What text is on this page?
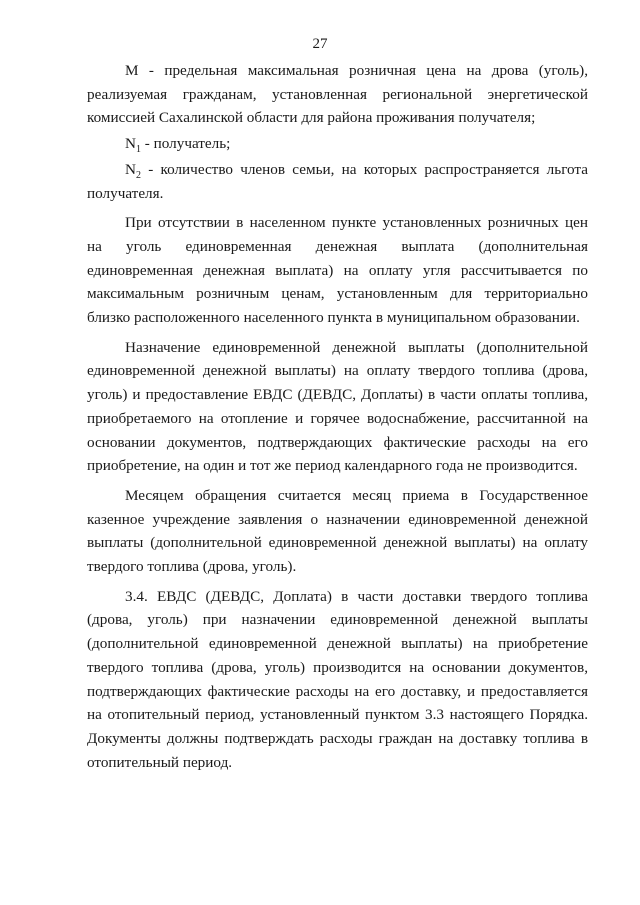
27

М - предельная максимальная розничная цена на дрова (уголь), реализуемая гражданам, установленная региональной энергетической комиссией Сахалинской области для района проживания получателя;

$N_1$ - получатель;

$N_2$ - количество членов семьи, на которых распространяется льгота получателя.

При отсутствии в населенном пункте установленных розничных цен на уголь единовременная денежная выплата (дополнительная единовременная денежная выплата) на оплату угля рассчитывается по максимальным розничным ценам, установленным для территориально близко расположенного населенного пункта в муниципальном образовании.

Назначение единовременной денежной выплаты (дополнительной единовременной денежной выплаты) на оплату твердого топлива (дрова, уголь) и предоставление ЕВДС (ДЕВДС, Доплаты) в части оплаты топлива, приобретаемого на отопление и горячее водоснабжение, рассчитанной на основании документов, подтверждающих фактические расходы на его приобретение, на один и тот же период календарного года не производится.

Месяцем обращения считается месяц приема в Государственное казенное учреждение заявления о назначении единовременной денежной выплаты (дополнительной единовременной денежной выплаты) на оплату твердого топлива (дрова, уголь).

3.4. ЕВДС (ДЕВДС, Доплата) в части доставки твердого топлива (дрова, уголь) при назначении единовременной денежной выплаты (дополнительной единовременной денежной выплаты) на приобретение твердого топлива (дрова, уголь) производится на основании документов, подтверждающих фактические расходы на его доставку, и предоставляется на отопительный период, установленный пунктом 3.3 настоящего Порядка. Документы должны подтверждать расходы граждан на доставку топлива в отопительный период.
